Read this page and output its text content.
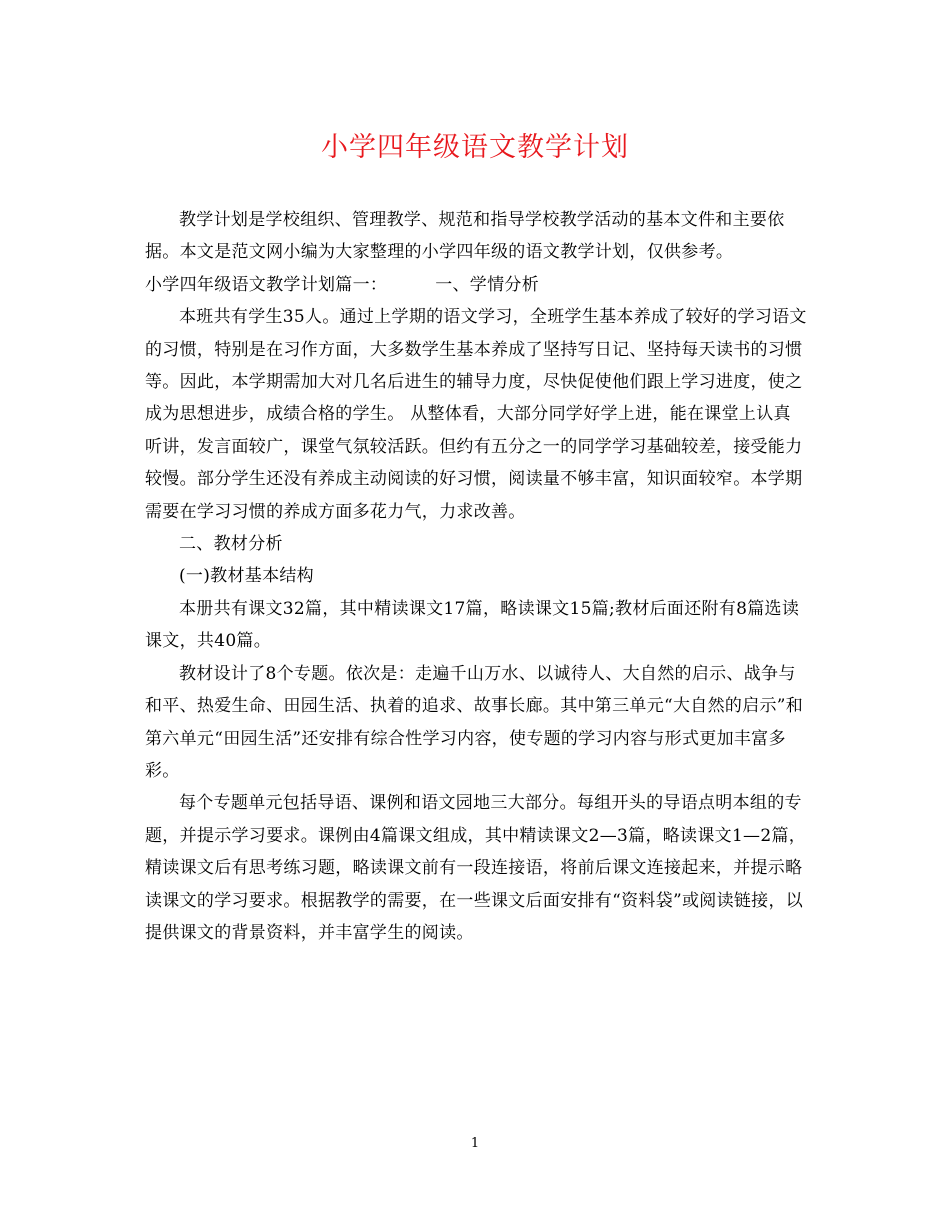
小学四年级语文教学计划

教学计划是学校组织、管理教学、规范和指导学校教学活动的基本文件和主要依据。本文是范文网小编为大家整理的小学四年级的语文教学计划，仅供参考。

小学四年级语文教学计划篇一：	一、学情分析

本班共有学生35人。通过上学期的语文学习，全班学生基本养成了较好的学习语文的习惯，特别是在习作方面，大多数学生基本养成了坚持写日记、坚持每天读书的习惯等。因此，本学期需加大对几名后进生的辅导力度，尽快促使他们跟上学习进度，使之成为思想进步，成绩合格的学生。 从整体看，大部分同学好学上进，能在课堂上认真听讲，发言面较广，课堂气氛较活跃。但约有五分之一的同学学习基础较差，接受能力较慢。部分学生还没有养成主动阅读的好习惯，阅读量不够丰富，知识面较窄。本学期需要在学习习惯的养成方面多花力气，力求改善。

二、教材分析

(一)教材基本结构

本册共有课文32篇，其中精读课文17篇，略读课文15篇;教材后面还附有8篇选读课文，共40篇。

教材设计了8个专题。依次是：走遍千山万水、以诚待人、大自然的启示、战争与和平、热爱生命、田园生活、执着的追求、故事长廊。其中第三单元“大自然的启示”和第六单元“田园生活”还安排有综合性学习内容，使专题的学习内容与形式更加丰富多彩。

每个专题单元包括导语、课例和语文园地三大部分。每组开头的导语点明本组的专题，并提示学习要求。课例由4篇课文组成，其中精读课文2—3篇，略读课文1—2篇，精读课文后有思考练习题，略读课文前有一段连接语，将前后课文连接起来，并提示略读课文的学习要求。根据教学的需要，在一些课文后面安排有“资料袋”或阅读链接，以提供课文的背景资料，并丰富学生的阅读。

1
